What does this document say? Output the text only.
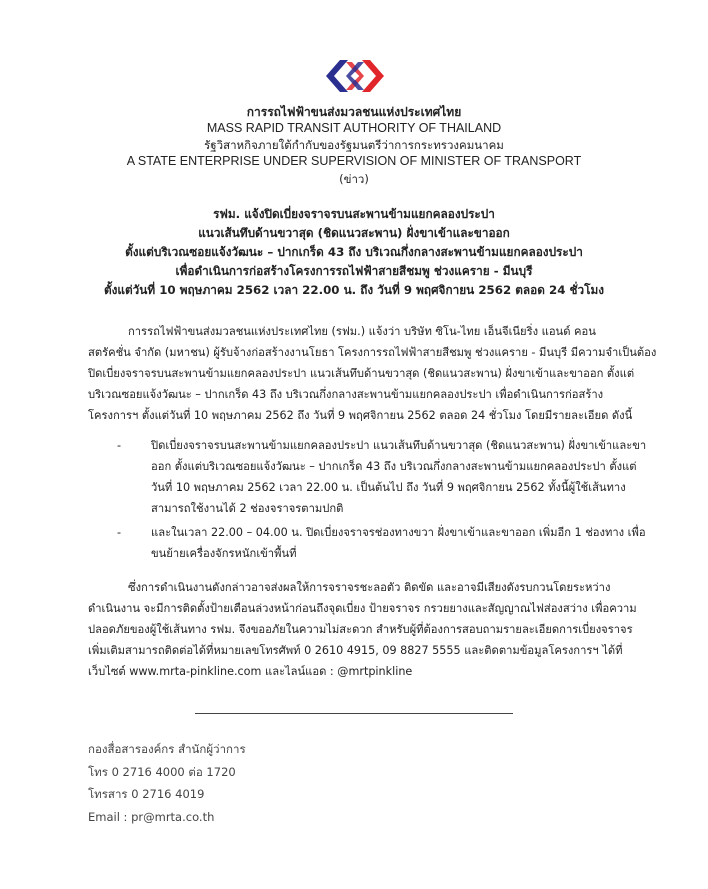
การรถไฟฟ้าขนส่งมวลชนแห่งประเทศไทย
MASS RAPID TRANSIT AUTHORITY OF THAILAND
รัฐวิสาหกิจภายใต้กำกับของรัฐมนตรีว่าการกระทรวงคมนาคม
A STATE ENTERPRISE UNDER SUPERVISION OF MINISTER OF TRANSPORT
(ข่าว)
รฟม. แจ้งปิดเบี่ยงจราจรบนสะพานข้ามแยกคลองประปา
แนวเส้นทึบด้านขวาสุด (ชิดแนวสะพาน) ฝั่งขาเข้าและขาออก
ตั้งแต่บริเวณซอยแจ้งวัฒนะ – ปากเกร็ด 43 ถึง บริเวณกึ่งกลางสะพานข้ามแยกคลองประปา
เพื่อดำเนินการก่อสร้างโครงการรถไฟฟ้าสายสีชมพู ช่วงแคราย - มีนบุรี
ตั้งแต่วันที่ 10 พฤษภาคม 2562 เวลา 22.00 น. ถึง วันที่ 9 พฤศจิกายน 2562 ตลอด 24 ชั่วโมง
การรถไฟฟ้าขนส่งมวลชนแห่งประเทศไทย (รฟม.) แจ้งว่า บริษัท ซิโน-ไทย เอ็นจีเนียริ่ง แอนด์ คอน
สตรัคชั่น จำกัด (มหาชน) ผู้รับจ้างก่อสร้างงานโยธา โครงการรถไฟฟ้าสายสีชมพู ช่วงแคราย - มีนบุรี มีความจำเป็นต้อง
ปิดเบี่ยงจราจรบนสะพานข้ามแยกคลองประปา แนวเส้นทึบด้านขวาสุด (ชิดแนวสะพาน) ฝั่งขาเข้าและขาออก ตั้งแต่
บริเวณซอยแจ้งวัฒนะ – ปากเกร็ด 43 ถึง บริเวณกึ่งกลางสะพานข้ามแยกคลองประปา เพื่อดำเนินการก่อสร้าง
โครงการฯ ตั้งแต่วันที่ 10 พฤษภาคม 2562 ถึง วันที่ 9 พฤศจิกายน 2562 ตลอด 24 ชั่วโมง โดยมีรายละเอียด ดังนี้
-	ปิดเบี่ยงจราจรบนสะพานข้ามแยกคลองประปา แนวเส้นทึบด้านขวาสุด (ชิดแนวสะพาน) ฝั่งขาเข้าและขา
ออก ตั้งแต่บริเวณซอยแจ้งวัฒนะ – ปากเกร็ด 43 ถึง บริเวณกึ่งกลางสะพานข้ามแยกคลองประปา ตั้งแต่
วันที่ 10 พฤษภาคม 2562 เวลา 22.00 น. เป็นต้นไป ถึง วันที่ 9 พฤศจิกายน 2562 ทั้งนี้ผู้ใช้เส้นทาง
สามารถใช้งานได้ 2 ช่องจราจรตามปกติ
-	และในเวลา 22.00 – 04.00 น. ปิดเบี่ยงจราจรช่องทางขวา ฝั่งขาเข้าและขาออก เพิ่มอีก 1 ช่องทาง เพื่อ
ขนย้ายเครื่องจักรหนักเข้าพื้นที่
ซึ่งการดำเนินงานดังกล่าวอาจส่งผลให้การจราจรชะลอตัว ติดขัด และอาจมีเสียงดังรบกวนโดยระหว่าง
ดำเนินงาน จะมีการติดตั้งป้ายเตือนล่วงหน้าก่อนถึงจุดเบี่ยง ป้ายจราจร กรวยยางและสัญญาณไฟส่องสว่าง เพื่อความ
ปลอดภัยของผู้ใช้เส้นทาง รฟม. จึงขออภัยในความไม่สะดวก สำหรับผู้ที่ต้องการสอบถามรายละเอียดการเบี่ยงจราจร
เพิ่มเติมสามารถติดต่อได้ที่หมายเลขโทรศัพท์ 0 2610 4915, 09 8827 5555 และติดตามข้อมูลโครงการฯ ได้ที่
เว็บไซต์ www.mrta-pinkline.com และไลน์แอด : @mrtpinkline
กองสื่อสารองค์กร สำนักผู้ว่าการ
โทร 0 2716 4000 ต่อ 1720
โทรสาร 0 2716 4019
Email : pr@mrta.co.th
